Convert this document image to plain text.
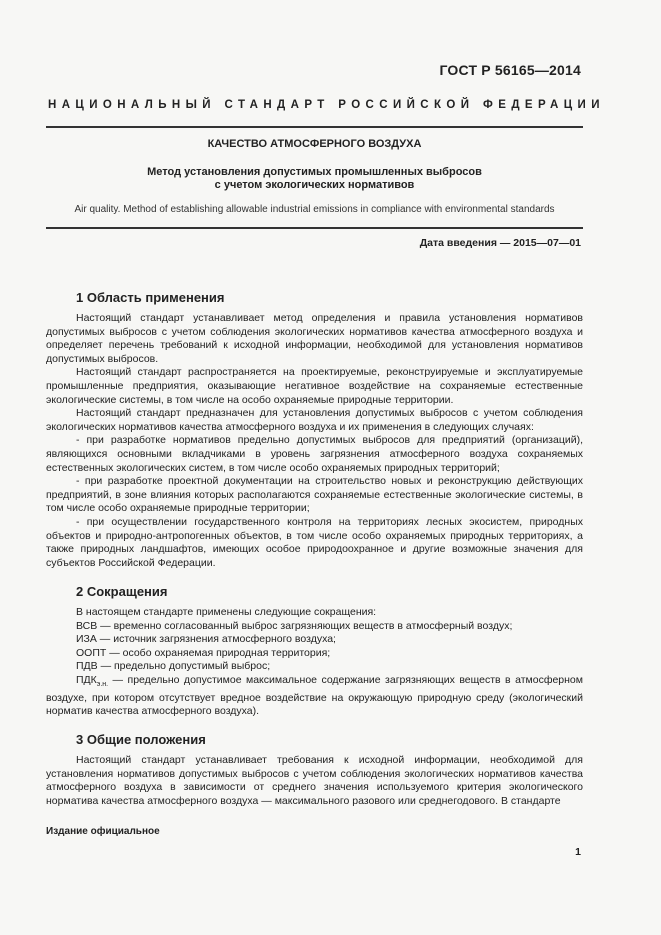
ГОСТ Р 56165—2014
НАЦИОНАЛЬНЫЙ СТАНДАРТ РОССИЙСКОЙ ФЕДЕРАЦИИ
КАЧЕСТВО АТМОСФЕРНОГО ВОЗДУХА
Метод установления допустимых промышленных выбросов
с учетом экологических нормативов
Air quality. Method of establishing allowable industrial emissions in compliance with environmental standards
Дата введения — 2015—07—01
1 Область применения

Настоящий стандарт устанавливает метод определения и правила установления нормативов допустимых выбросов с учетом соблюдения экологических нормативов качества атмосферного воздуха и определяет перечень требований к исходной информации, необходимой для установления нормативов допустимых выбросов.

Настоящий стандарт распространяется на проектируемые, реконструируемые и эксплуатируемые промышленные предприятия, оказывающие негативное воздействие на сохраняемые естественные экологические системы, в том числе на особо охраняемые природные территории.

Настоящий стандарт предназначен для установления допустимых выбросов с учетом соблюдения экологических нормативов качества атмосферного воздуха и их применения в следующих случаях:

- при разработке нормативов предельно допустимых выбросов для предприятий (организаций), являющихся основными вкладчиками в уровень загрязнения атмосферного воздуха сохраняемых естественных экологических систем, в том числе особо охраняемых природных территорий;

- при разработке проектной документации на строительство новых и реконструкцию действующих предприятий, в зоне влияния которых располагаются сохраняемые естественные экологические системы, в том числе особо охраняемые природные территории;

- при осуществлении государственного контроля на территориях лесных экосистем, природных объектов и природно-антропогенных объектов, в том числе особо охраняемых природных территориях, а также природных ландшафтов, имеющих особое природоохранное и другие возможные значения для субъектов Российской Федерации.

2 Сокращения

В настоящем стандарте применены следующие сокращения:

ВСВ — временно согласованный выброс загрязняющих веществ в атмосферный воздух;

ИЗА — источник загрязнения атмосферного воздуха;

ООПТ — особо охраняемая природная территория;

ПДВ — предельно допустимый выброс;

$ПДК_{э.н.}$ — предельно допустимое максимальное содержание загрязняющих веществ в атмосферном воздухе, при котором отсутствует вредное воздействие на окружающую природную среду (экологический норматив качества атмосферного воздуха).

3 Общие положения

Настоящий стандарт устанавливает требования к исходной информации, необходимой для установления нормативов допустимых выбросов с учетом соблюдения экологических нормативов качества атмосферного воздуха в зависимости от среднего значения используемого критерия экологического норматива качества атмосферного воздуха — максимального разового или среднегодового. В стандарте

Издание официальное
1
